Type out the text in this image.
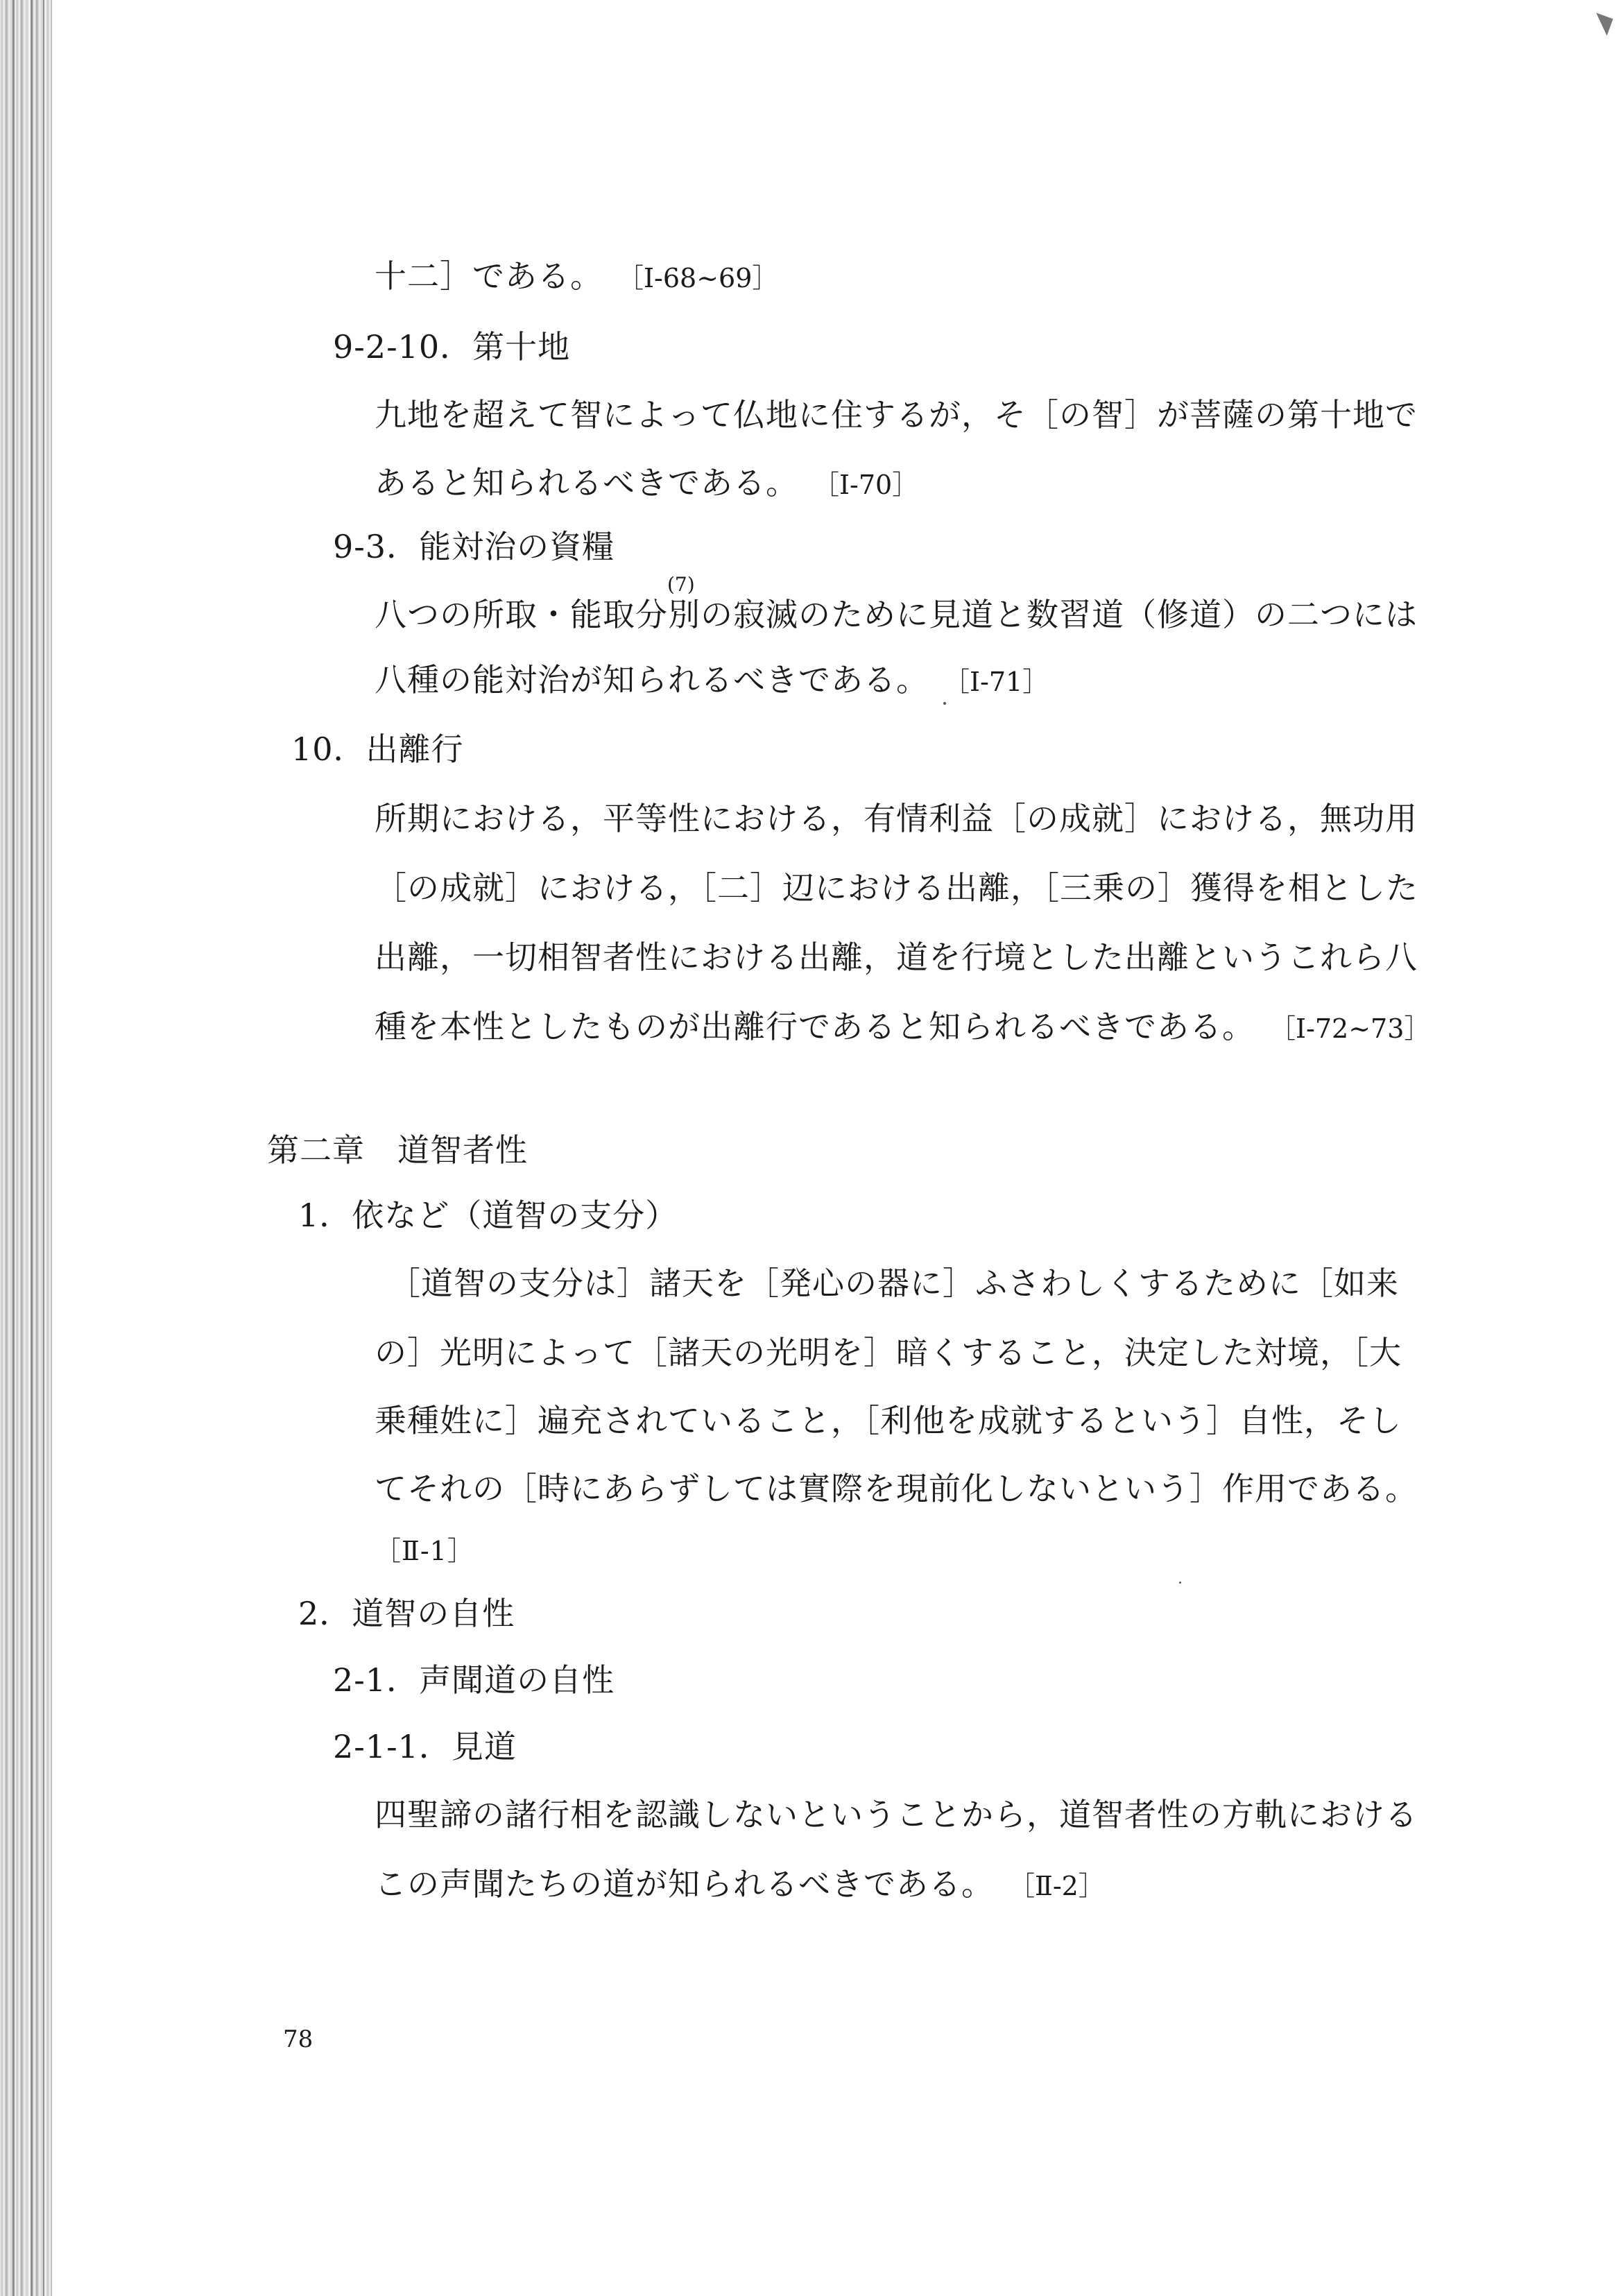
十二］である。 ［I-68~69］
9-2-10．第十地
九地を超えて智によって仏地に住するが，そ［の智］が菩薩の第十地で
あると知られるべきである。 ［I-70］
9-3．能対治の資糧
(7)
八つの所取・能取分別の寂滅のために見道と数習道（修道）の二つには
八種の能対治が知られるべきである。 ［I-71］
10．出離行
所期における，平等性における，有情利益［の成就］における，無功用
［の成就］における，［二］辺における出離，［三乗の］獲得を相とした
出離，一切相智者性における出離，道を行境とした出離というこれら八
種を本性としたものが出離行であると知られるべきである。 ［I-72~73］
第二章　道智者性
1．依など（道智の支分）
［道智の支分は］諸天を［発心の器に］ふさわしくするために［如来
の］光明によって［諸天の光明を］暗くすること，決定した対境，［大
乗種姓に］遍充されていること，［利他を成就するという］自性，そし
てそれの［時にあらずしては實際を現前化しないという］作用である。
［Ⅱ-1］
2．道智の自性
2-1．声聞道の自性
2-1-1．見道
四聖諦の諸行相を認識しないということから，道智者性の方軌における
この声聞たちの道が知られるべきである。 ［Ⅱ-2］
78
